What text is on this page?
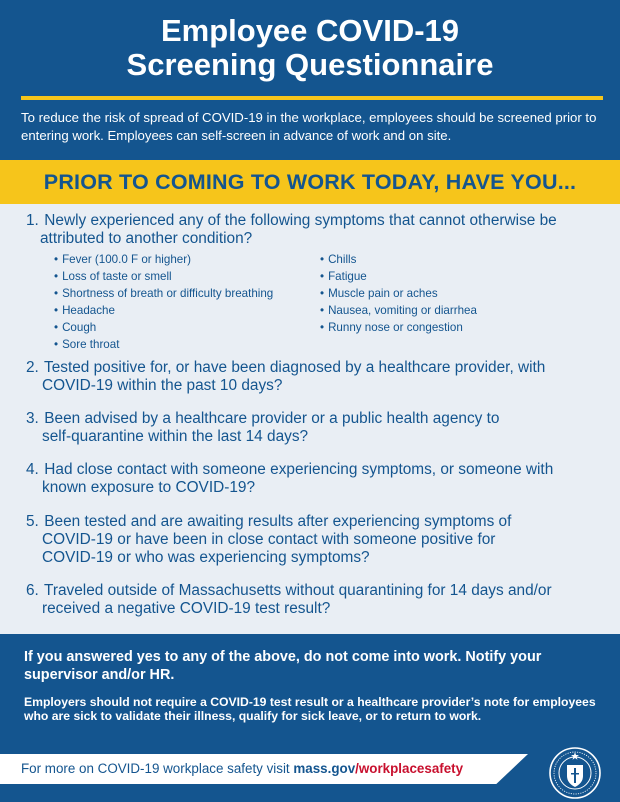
Employee COVID-19
Screening Questionnaire
To reduce the risk of spread of COVID-19 in the workplace, employees should be screened prior to entering work. Employees can self-screen in advance of work and on site.
PRIOR TO COMING TO WORK TODAY, HAVE YOU...
1. Newly experienced any of the following symptoms that cannot otherwise be
attributed to another condition?
• Fever (100.0 F or higher)
• Loss of taste or smell
• Shortness of breath or difficulty breathing
• Headache
• Cough
• Sore throat
• Chills
• Fatigue
• Muscle pain or aches
• Nausea, vomiting or diarrhea
• Runny nose or congestion
2. Tested positive for, or have been diagnosed by a healthcare provider, with
COVID-19 within the past 10 days?
3. Been advised by a healthcare provider or a public health agency to
self-quarantine within the last 14 days?
4. Had close contact with someone experiencing symptoms, or someone with
known exposure to COVID-19?
5. Been tested and are awaiting results after experiencing symptoms of
COVID-19 or have been in close contact with someone positive for
COVID-19 or who was experiencing symptoms?
6. Traveled outside of Massachusetts without quarantining for 14 days and/or
received a negative COVID-19 test result?
If you answered yes to any of the above, do not come into work. Notify your supervisor and/or HR.
Employers should not require a COVID-19 test result or a healthcare provider’s note for employees who are sick to validate their illness, qualify for sick leave, or to return to work.
For more on COVID-19 workplace safety visit mass.gov/workplacesafety
